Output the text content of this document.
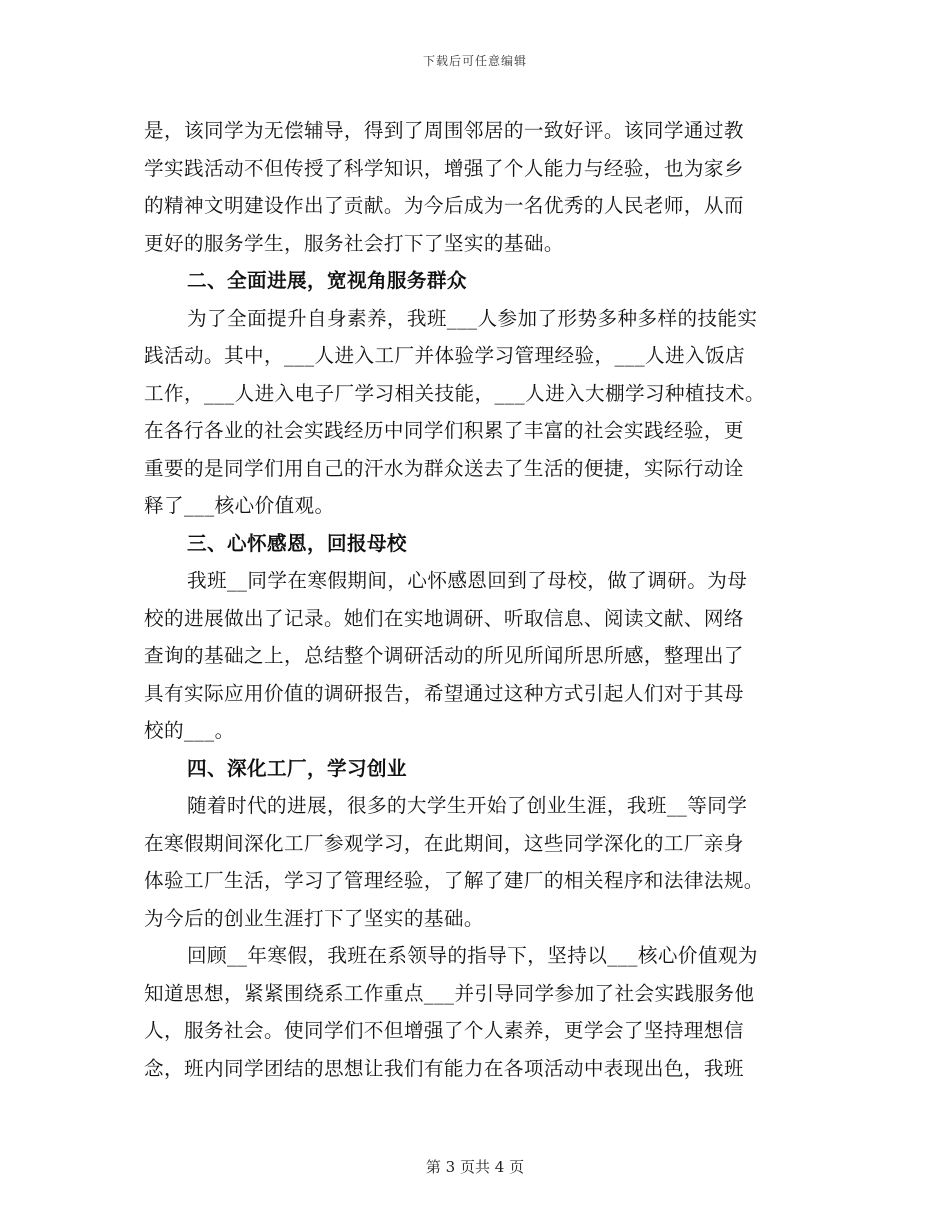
下载后可任意编辑
是，该同学为无偿辅导，得到了周围邻居的一致好评。该同学通过教
学实践活动不但传授了科学知识，增强了个人能力与经验，也为家乡
的精神文明建设作出了贡献。为今后成为一名优秀的人民老师，从而
更好的服务学生，服务社会打下了坚实的基础。
二、全面进展，宽视角服务群众
为了全面提升自身素养，我班___人参加了形势多种多样的技能实
践活动。其中，___人进入工厂并体验学习管理经验，___人进入饭店
工作，___人进入电子厂学习相关技能，___人进入大棚学习种植技术。
在各行各业的社会实践经历中同学们积累了丰富的社会实践经验，更
重要的是同学们用自己的汗水为群众送去了生活的便捷，实际行动诠
释了___核心价值观。
三、心怀感恩，回报母校
我班__同学在寒假期间，心怀感恩回到了母校，做了调研。为母
校的进展做出了记录。她们在实地调研、听取信息、阅读文献、网络
查询的基础之上，总结整个调研活动的所见所闻所思所感，整理出了
具有实际应用价值的调研报告，希望通过这种方式引起人们对于其母
校的___。
四、深化工厂，学习创业
随着时代的进展，很多的大学生开始了创业生涯，我班__等同学
在寒假期间深化工厂参观学习，在此期间，这些同学深化的工厂亲身
体验工厂生活，学习了管理经验，了解了建厂的相关程序和法律法规。
为今后的创业生涯打下了坚实的基础。
回顾__年寒假，我班在系领导的指导下，坚持以___核心价值观为
知道思想，紧紧围绕系工作重点___并引导同学参加了社会实践服务他
人，服务社会。使同学们不但增强了个人素养，更学会了坚持理想信
念，班内同学团结的思想让我们有能力在各项活动中表现出色，我班
第 3 页共 4 页
